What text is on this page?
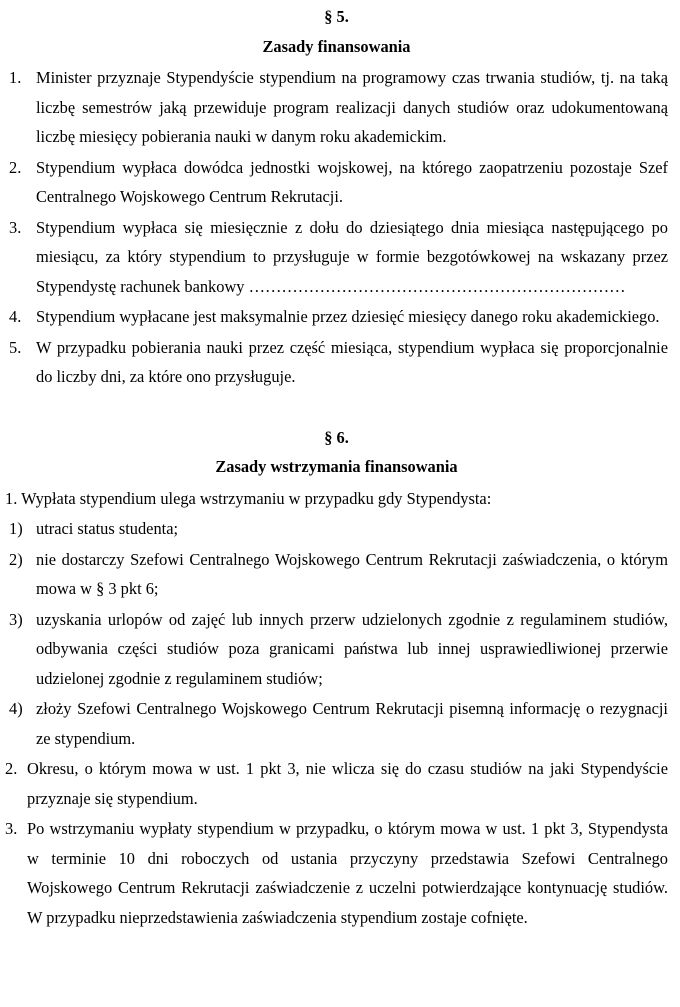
§ 5.

Zasady finansowania

1. Minister przyznaje Stypendyście stypendium na programowy czas trwania studiów, tj. na taką liczbę semestrów jaką przewiduje program realizacji danych studiów oraz udokumentowaną liczbę miesięcy pobierania nauki w danym roku akademickim.
2. Stypendium wypłaca dowódca jednostki wojskowej, na którego zaopatrzeniu pozostaje Szef Centralnego Wojskowego Centrum Rekrutacji.
3. Stypendium wypłaca się miesięcznie z dołu do dziesiątego dnia miesiąca następującego po miesiącu, za który stypendium to przysługuje w formie bezgotówkowej na wskazany przez Stypendystę rachunek bankowy ……………………………………………………………
4. Stypendium wypłacane jest maksymalnie przez dziesięć miesięcy danego roku akademickiego.
5. W przypadku pobierania nauki przez część miesiąca, stypendium wypłaca się proporcjonalnie do liczby dni, za które ono przysługuje.

§ 6.

Zasady wstrzymania finansowania

1. Wypłata stypendium ulega wstrzymaniu w przypadku gdy Stypendysta:
1) utraci status studenta;
2) nie dostarczy Szefowi Centralnego Wojskowego Centrum Rekrutacji zaświadczenia, o którym mowa w § 3 pkt 6;
3) uzyskania urlopów od zajęć lub innych przerw udzielonych zgodnie z regulaminem studiów, odbywania części studiów poza granicami państwa lub innej usprawiedliwionej przerwie udzielonej zgodnie z regulaminem studiów;
4) złoży Szefowi Centralnego Wojskowego Centrum Rekrutacji pisemną informację o rezygnacji ze stypendium.
2. Okresu, o którym mowa w ust. 1 pkt 3, nie wlicza się do czasu studiów na jaki Stypendyście przyznaje się stypendium.
3. Po wstrzymaniu wypłaty stypendium w przypadku, o którym mowa w ust. 1 pkt 3, Stypendysta w terminie 10 dni roboczych od ustania przyczyny przedstawia Szefowi Centralnego Wojskowego Centrum Rekrutacji zaświadczenie z uczelni potwierdzające kontynuację studiów. W przypadku nieprzedstawienia zaświadczenia stypendium zostaje cofnięte.
